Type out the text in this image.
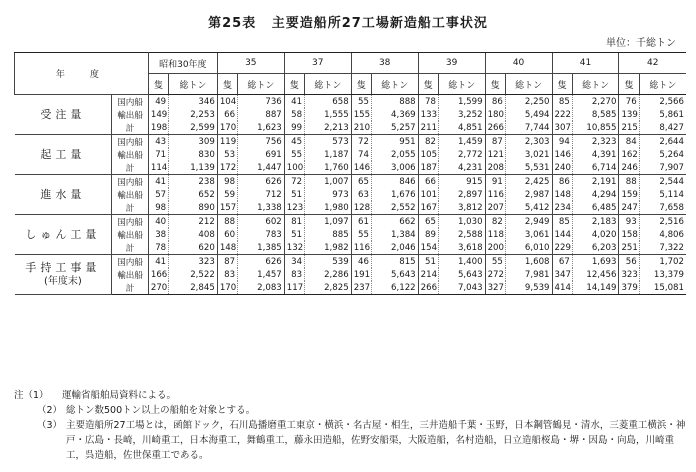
第25表 主要造船所27工場新造船工事状況
単位：千総トン
年　度		昭和30年度		35		37		38		39		40		41		42	
		隻	総トン	隻	総トン	隻	総トン	隻	総トン	隻	総トン	隻	総トン	隻	総トン	隻	総トン
受注量	国内船	49	346	104	736	41	658	55	888	78	1,599	86	2,250	85	2,270	76	2,566
	輸出船	149	2,253	66	887	58	1,555	155	4,369	133	3,252	180	5,494	222	8,585	139	5,861
	計	198	2,599	170	1,623	99	2,213	210	5,257	211	4,851	266	7,744	307	10,855	215	8,427
起工量	国内船	43	309	119	756	45	573	72	951	82	1,459	87	2,303	94	2,323	84	2,644
	輸出船	71	830	53	691	55	1,187	74	2,055	105	2,772	121	3,021	146	4,391	162	5,264
	計	114	1,139	172	1,447	100	1,760	146	3,006	187	4,231	208	5,531	240	6,714	246	7,907
進水量	国内船	41	238	98	626	72	1,007	65	846	66	915	91	2,425	86	2,191	88	2,544
	輸出船	57	652	59	712	51	973	63	1,676	101	2,897	116	2,987	148	4,294	159	5,114
	計	98	890	157	1,338	123	1,980	128	2,552	167	3,812	207	5,412	234	6,485	247	7,658
しゅん工量	国内船	40	212	88	602	81	1,097	61	662	65	1,030	82	2,949	85	2,183	93	2,516
	輸出船	38	408	60	783	51	885	55	1,384	89	2,588	118	3,061	144	4,020	158	4,806
	計	78	620	148	1,385	132	1,982	116	2,046	154	3,618	200	6,010	229	6,203	251	7,322
手持工事量
(年度末)	国内船	41	323	87	626	34	539	46	815	51	1,400	55	1,608	67	1,693	56	1,702
	輸出船	166	2,522	83	1,457	83	2,286	191	5,643	214	5,643	272	7,981	347	12,456	323	13,379
	計	270	2,845	170	2,083	117	2,825	237	6,122	266	7,043	327	9,539	414	14,149	379	15,081
注（1）	運輸省船舶局資料による。
（2） 総トン数500トン以上の船舶を対象とする。
（3） 主要造船所27工場とは，函館ドック，石川島播磨重工東京・横浜・名古屋・相生，三井造船千葉・玉野，日本鋼管鶴見・清水，三菱重工横浜・神戸・広島・長崎，川崎重工，日本海重工，舞鶴重工，藤永田造船，佐野安船渠，大阪造船，名村造船，日立造船桜島・堺・因島・向島，川崎重工，呉造船，佐世保重工である。
